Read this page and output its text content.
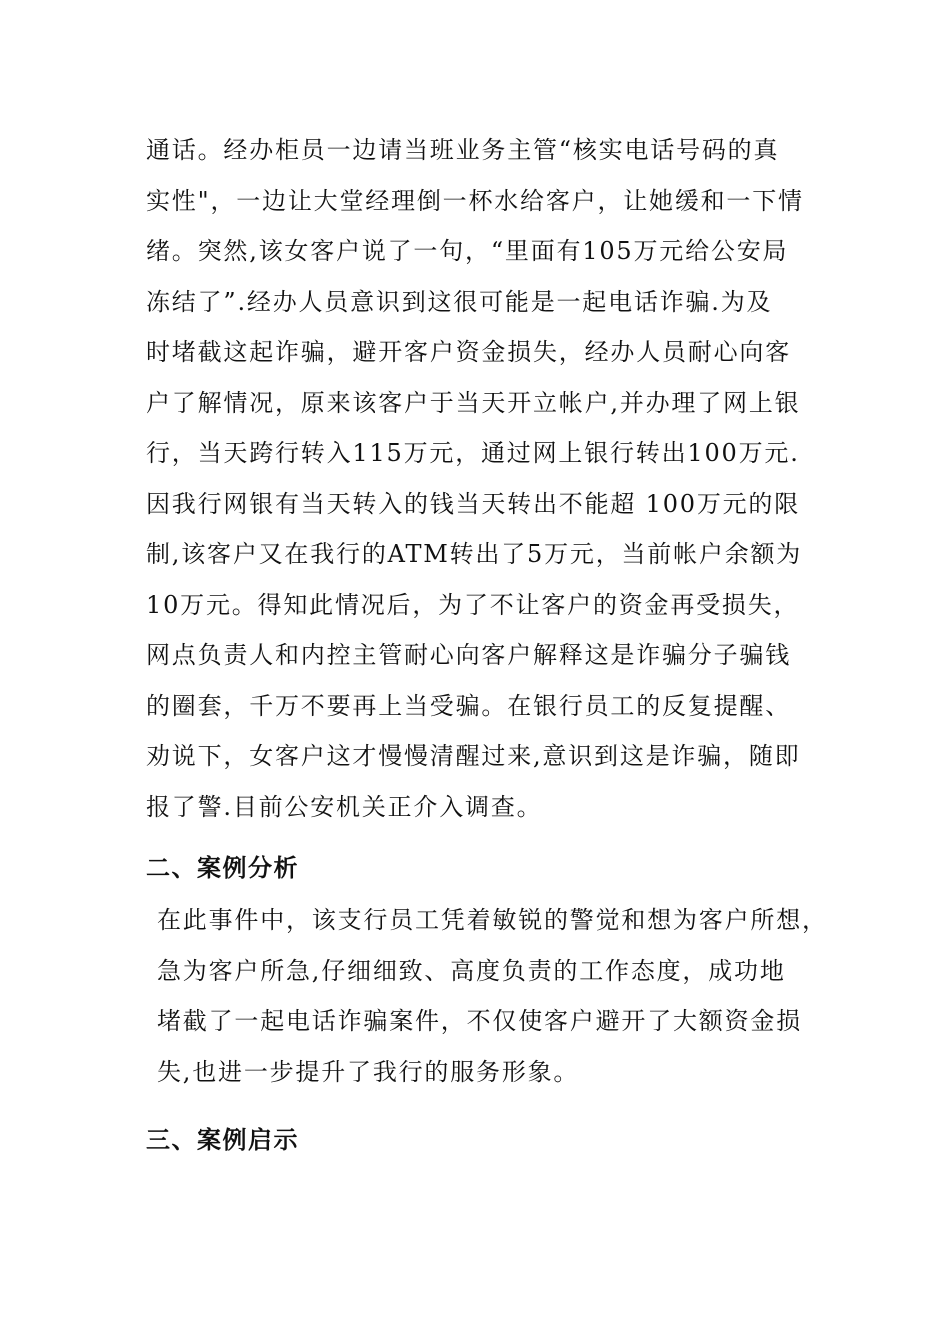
通话。经办柜员一边请当班业务主管“核实电话号码的真
实性"，一边让大堂经理倒一杯水给客户，让她缓和一下情
绪。突然,该女客户说了一句，“里面有105万元给公安局
冻结了”.经办人员意识到这很可能是一起电话诈骗.为及
时堵截这起诈骗，避开客户资金损失，经办人员耐心向客
户了解情况，原来该客户于当天开立帐户,并办理了网上银
行，当天跨行转入115万元，通过网上银行转出100万元.
因我行网银有当天转入的钱当天转出不能超 100万元的限
制,该客户又在我行的ATM转出了5万元，当前帐户余额为
10万元。得知此情况后，为了不让客户的资金再受损失，
网点负责人和内控主管耐心向客户解释这是诈骗分子骗钱
的圈套，千万不要再上当受骗。在银行员工的反复提醒、
劝说下，女客户这才慢慢清醒过来,意识到这是诈骗，随即
报了警.目前公安机关正介入调查。
二、案例分析
在此事件中，该支行员工凭着敏锐的警觉和想为客户所想，
急为客户所急,仔细细致、高度负责的工作态度，成功地
堵截了一起电话诈骗案件，不仅使客户避开了大额资金损
失,也进一步提升了我行的服务形象。
三、案例启示
